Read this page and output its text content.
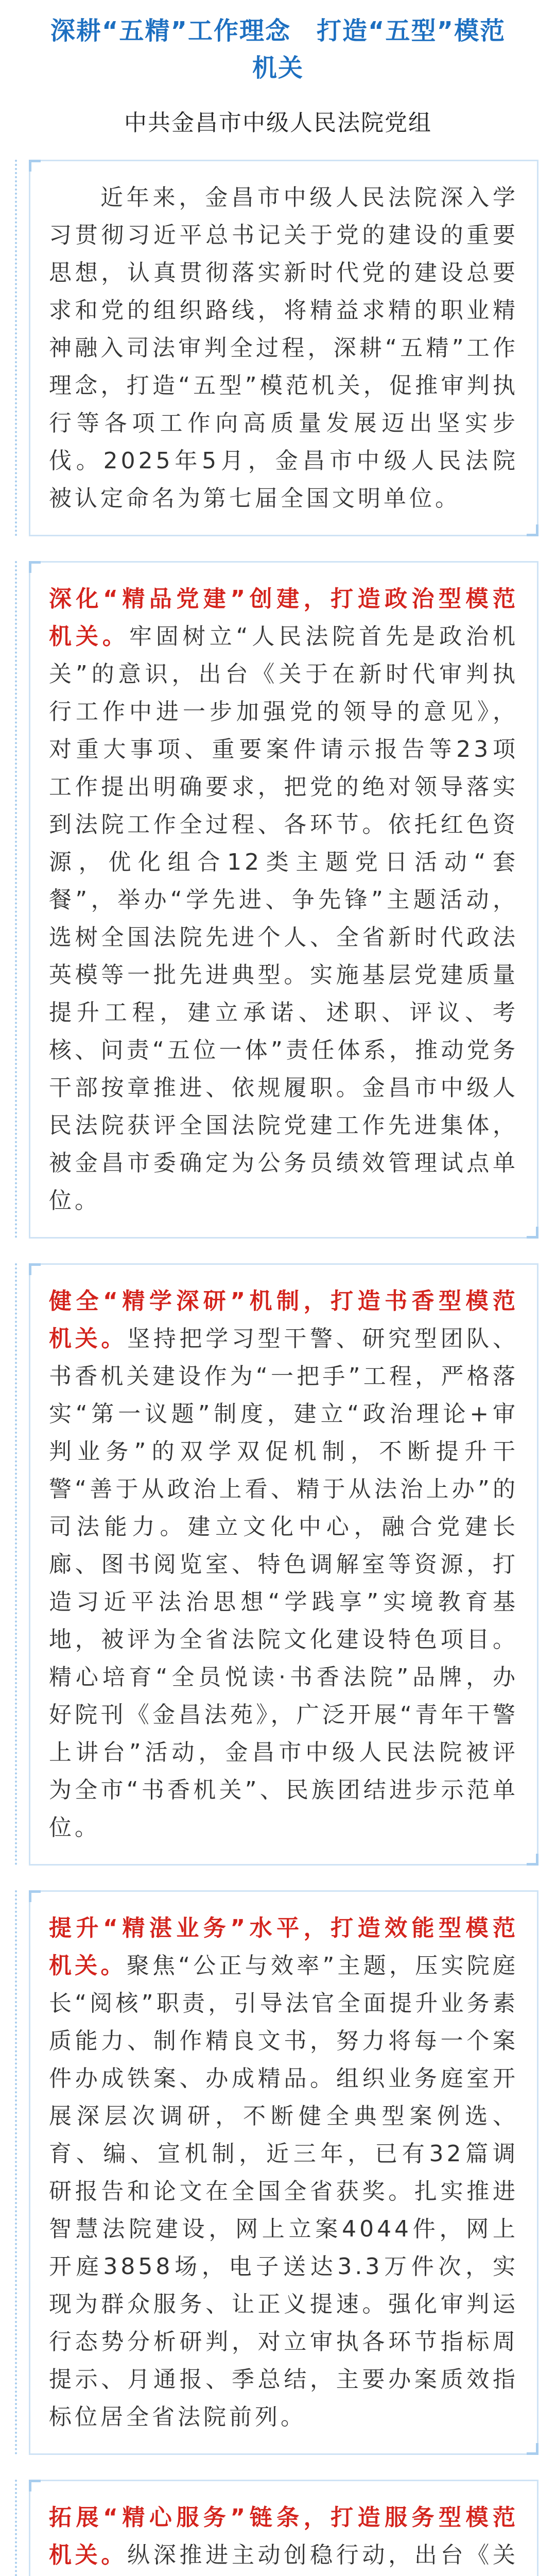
深耕“五精”工作理念　打造“五型”模范
机关
中共金昌市中级人民法院党组

近年来，金昌市中级人民法院深入学习贯彻习近平总书记关于党的建设的重要思想，认真贯彻落实新时代党的建设总要求和党的组织路线，将精益求精的职业精神融入司法审判全过程，深耕“五精”工作理念，打造“五型”模范机关，促推审判执行等各项工作向高质量发展迈出坚实步伐。2025年5月，金昌市中级人民法院被认定命名为第七届全国文明单位。

深化“精品党建”创建，打造政治型模范机关。牢固树立“人民法院首先是政治机关”的意识，出台《关于在新时代审判执行工作中进一步加强党的领导的意见》，对重大事项、重要案件请示报告等23项工作提出明确要求，把党的绝对领导落实到法院工作全过程、各环节。依托红色资源，优化组合12类主题党日活动“套餐”，举办“学先进、争先锋”主题活动，选树全国法院先进个人、全省新时代政法英模等一批先进典型。实施基层党建质量提升工程，建立承诺、述职、评议、考核、问责“五位一体”责任体系，推动党务干部按章推进、依规履职。金昌市中级人民法院获评全国法院党建工作先进集体，被金昌市委确定为公务员绩效管理试点单位。

健全“精学深研”机制，打造书香型模范机关。坚持把学习型干警、研究型团队、书香机关建设作为“一把手”工程，严格落实“第一议题”制度，建立“政治理论+审判业务”的双学双促机制，不断提升干警“善于从政治上看、精于从法治上办”的司法能力。建立文化中心，融合党建长廊、图书阅览室、特色调解室等资源，打造习近平法治思想“学践享”实境教育基地，被评为全省法院文化建设特色项目。精心培育“全员悦读·书香法院”品牌，办好院刊《金昌法苑》，广泛开展“青年干警上讲台”活动，金昌市中级人民法院被评为全市“书香机关”、民族团结进步示范单位。

提升“精湛业务”水平，打造效能型模范机关。聚焦“公正与效率”主题，压实院庭长“阅核”职责，引导法官全面提升业务素质能力、制作精良文书，努力将每一个案件办成铁案、办成精品。组织业务庭室开展深层次调研，不断健全典型案例选、育、编、宣机制，近三年，已有32篇调研报告和论文在全国全省获奖。扎实推进智慧法院建设，网上立案4044件，网上开庭3858场，电子送达3.3万件次，实现为群众服务、让正义提速。强化审判运行态势分析研判，对立审执各环节指标周提示、月通报、季总结，主要办案质效指标位居全省法院前列。

拓展“精心服务”链条，打造服务型模范机关。纵深推进主动创稳行动，出台《关
